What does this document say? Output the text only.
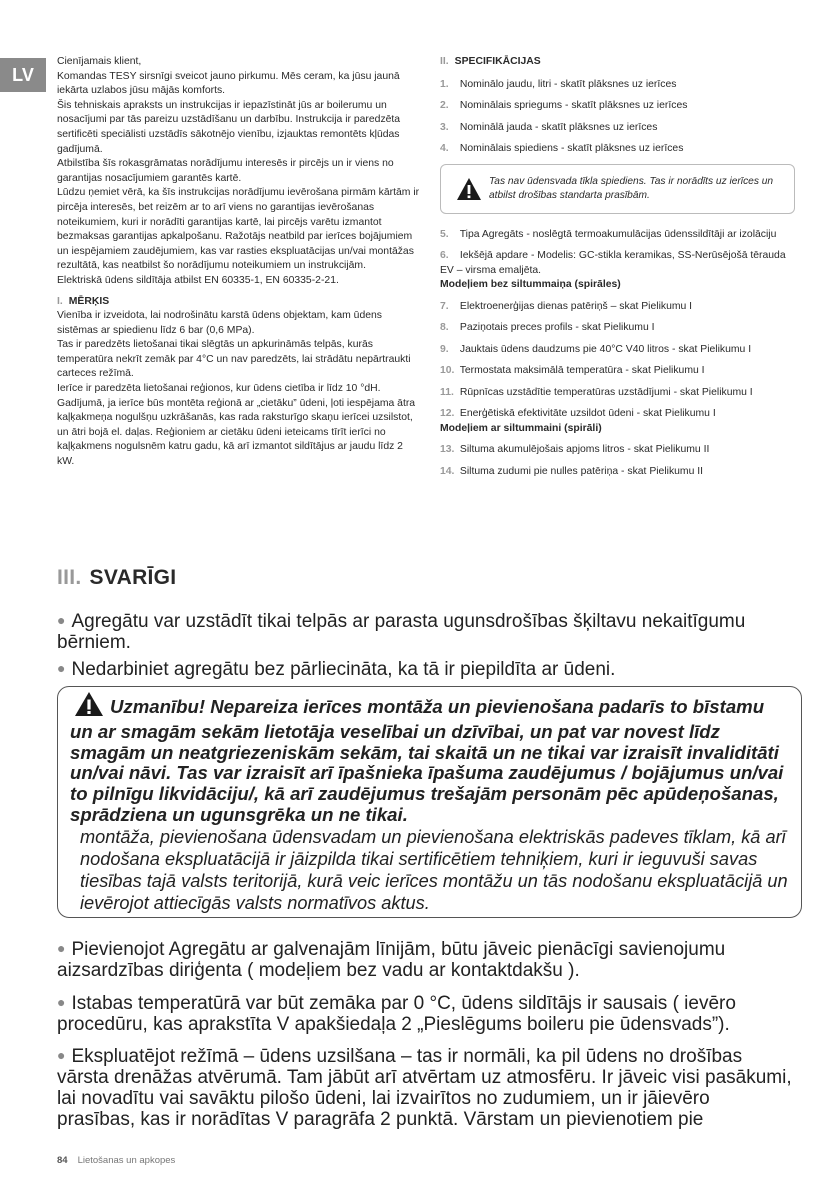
LV

Cienījamais klient,

Komandas TESY sirsnīgi sveicot jauno pirkumu. Mēs ceram, ka jūsu jaunā iekārta uzlabos jūsu mājās komforts.

Šis tehniskais apraksts un instrukcijas ir iepazīstināt jūs ar boilerumu un nosacījumi par tās pareizu uzstādīšanu un darbību. Instrukcija ir paredzēta sertificēti speciālisti uzstādīs sākotnējo vienību, izjauktas remontēts kļūdas gadījumā.

Atbilstība šīs rokasgrāmatas norādījumu interesēs ir pircējs un ir viens no garantijas nosacījumiem garantēs kartē.

Lūdzu ņemiet vērā, ka šīs instrukcijas norādījumu ievērošana pirmām kārtām ir pircēja interesēs, bet reizēm ar to arī viens no garantijas ievērošanas noteikumiem, kuri ir norādīti garantijas kartē, lai pircējs varētu izmantot bezmaksas garantijas apkalpošanu. Ražotājs neatbild par ierīces bojājumiem un iespējamiem zaudējumiem, kas var rasties ekspluatācijas un/vai montāžas rezultātā, kas neatbilst šo norādījumu noteikumiem un instrukcijām.

Elektriskā ūdens sildītāja atbilst EN 60335-1, EN 60335-2-21.

I. MĒRĶIS

Vienība ir izveidota, lai nodrošinātu karstā ūdens objektam, kam ūdens sistēmas ar spiedienu līdz 6 bar (0,6 MPa).

Tas ir paredzēts lietošanai tikai slēgtās un apkurināmās telpās, kurās temperatūra nekrīt zemāk par 4°C un nav paredzēts, lai strādātu nepārtraukti carteces režīmā.

Ierīce ir paredzēta lietošanai reģionos, kur ūdens cietība ir līdz 10 °dH. Gadījumā, ja ierīce būs montēta reģionā ar „cietāku” ūdeni, ļoti iespējama ātra kaļķakmeņa nogulšņu uzkrāšanās, kas rada raksturīgo skaņu ierīcei uzsilstot, un ātri bojā el. daļas. Reģioniem ar cietāku ūdeni ieteicams tīrīt ierīci no kaļķakmens nogulsnēm katru gadu, kā arī izmantot sildītājus ar jaudu līdz 2 kW.

II. SPECIFIKĀCIJAS
1. Nominālo jaudu, litri - skatīt plāksnes uz ierīces
2. Nominālais spriegums - skatīt plāksnes uz ierīces
3. Nominālā jauda - skatīt plāksnes uz ierīces
4. Nominālais spiediens - skatīt plāksnes uz ierīces
Tas nav ūdensvada tīkla spiediens. Tas ir norādīts uz ierīces un atbilst drošības standarta prasībām.
5. Tipa Agregāts - noslēgtā termoakumulācijas ūdenssildītāji ar izolāciju
6. Iekšējā apdare - Modelis: GC-stikla keramikas, SS-Nerūsējošā tērauda EV – virsma emaljēta.
Modeļiem bez siltummaiņa (spirāles)
7. Elektroenerģijas dienas patēriņš – skat Pielikumu I
8. Paziņotais preces profils - skat Pielikumu I
9. Jauktais ūdens daudzums pie 40°C V40 litros - skat Pielikumu I
10. Termostata maksimālā temperatūra - skat Pielikumu I
11. Rūpnīcas uzstādītie temperatūras uzstādījumi - skat Pielikumu I
12. Enerģētiskā efektivitāte uzsildot ūdeni - skat Pielikumu I
Modeļiem ar siltummaini (spirāli)
13. Siltuma akumulējošais apjoms litros - skat Pielikumu II
14. Siltuma zudumi pie nulles patēriņa - skat Pielikumu II
III. SVARĪGI
● Agregātu var uzstādīt tikai telpās ar parasta ugunsdrošības šķiltavu nekaitīgumu bērniem.
● Nedarbiniet agregātu bez pārliecināta, ka tā ir piepildīta ar ūdeni.
Uzmanību! Nepareiza ierīces montāža un pievienošana padarīs to bīstamu un ar smagām sekām lietotāja veselībai un dzīvībai, un pat var novest līdz smagām un neatgriezeniskām sekām, tai skaitā un ne tikai var izraisīt invaliditāti un/vai nāvi. Tas var izraisīt arī īpašnieka īpašuma zaudējumus / bojājumus un/vai to pilnīgu likvidāciju/, kā arī zaudējumus trešajām personām pēc apūdeņošanas, sprādziena un ugunsgrēka un ne tikai.
montāža, pievienošana ūdensvadam un pievienošana elektriskās padeves tīklam, kā arī nodošana ekspluatācijā ir jāizpilda tikai sertificētiem tehniķiem, kuri ir ieguvuši savas tiesības tajā valsts teritorijā, kurā veic ierīces montāžu un tās nodošanu ekspluatācijā un ievērojot attiecīgās valsts normatīvos aktus.
● Pievienojot Agregātu ar galvenajām līnijām, būtu jāveic pienācīgi savienojumu aizsardzības diriģenta ( modeļiem bez vadu ar kontaktdakšu ).
● Istabas temperatūrā var būt zemāka par 0 °C, ūdens sildītājs ir sausais ( ievēro procedūru, kas aprakstīta V apakšiedaļa 2 „Pieslēgums boileru pie ūdensvads”).
● Ekspluatējot režīmā – ūdens uzsilšana – tas ir normāli, ka pil ūdens no drošības vārsta drenāžas atvērumā. Tam jābūt arī atvērtam uz atmosfēru. Ir jāveic visi pasākumi, lai novadītu vai savāktu pilošo ūdeni, lai izvairītos no zudumiem, un ir jāievēro prasības, kas ir norādītas V paragrāfa 2 punktā. Vārstam un pievienotiem pie
84 Lietošanas un apkopes
